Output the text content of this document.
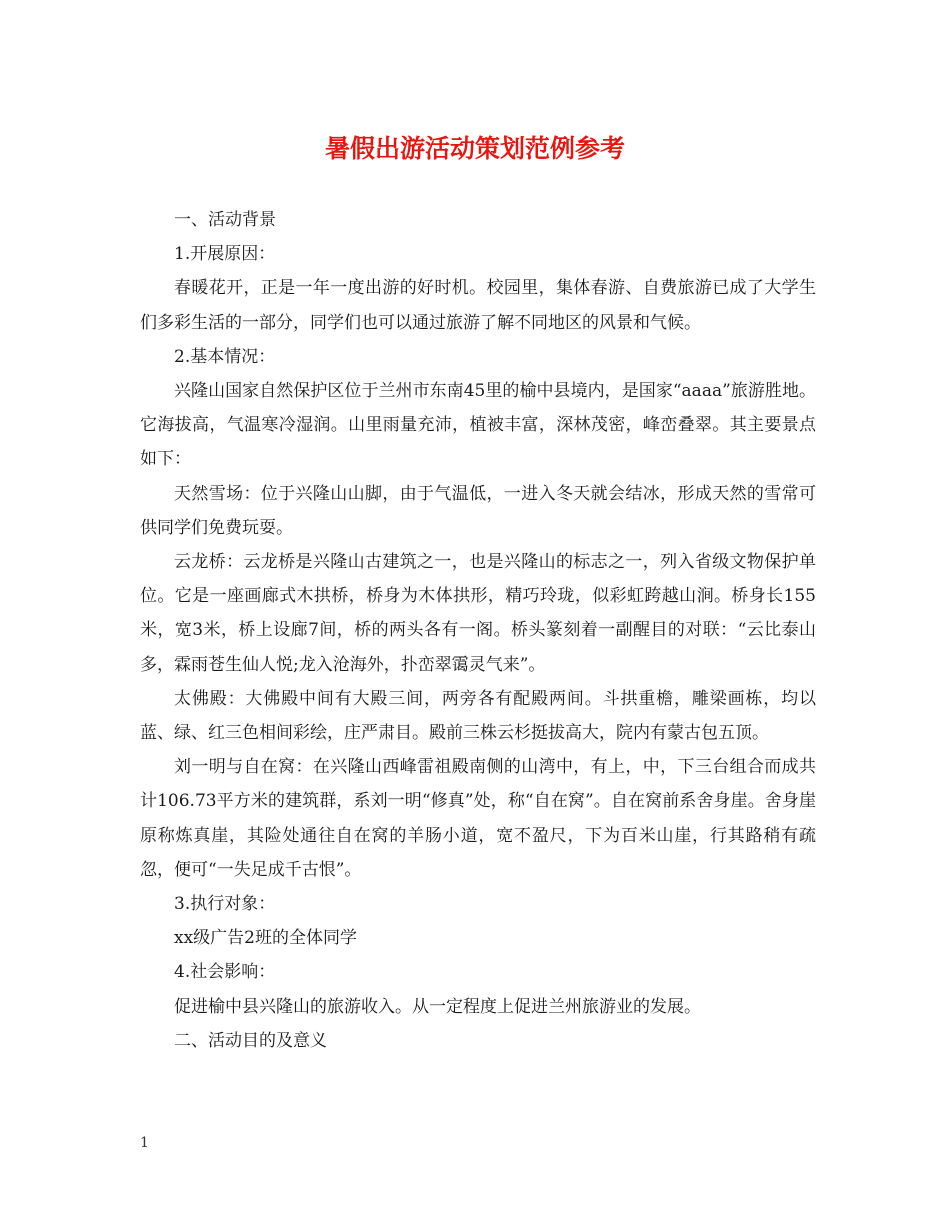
暑假出游活动策划范例参考

一、活动背景

1.开展原因：

春暖花开，正是一年一度出游的好时机。校园里，集体春游、自费旅游已成了大学生们多彩生活的一部分，同学们也可以通过旅游了解不同地区的风景和气候。

2.基本情况：

兴隆山国家自然保护区位于兰州市东南45里的榆中县境内，是国家“aaaa”旅游胜地。它海拔高，气温寒冷湿润。山里雨量充沛，植被丰富，深林茂密，峰峦叠翠。其主要景点如下：

天然雪场：位于兴隆山山脚，由于气温低，一进入冬天就会结冰，形成天然的雪常可供同学们免费玩耍。

云龙桥：云龙桥是兴隆山古建筑之一，也是兴隆山的标志之一，列入省级文物保护单位。它是一座画廊式木拱桥，桥身为木体拱形，精巧玲珑，似彩虹跨越山涧。桥身长155米，宽3米，桥上设廊7间，桥的两头各有一阁。桥头篆刻着一副醒目的对联：“云比泰山多，霖雨苍生仙人悦;龙入沧海外，扑峦翠霭灵气来”。

太佛殿：大佛殿中间有大殿三间，两旁各有配殿两间。斗拱重檐，雕梁画栋，均以蓝、绿、红三色相间彩绘，庄严肃目。殿前三株云杉挺拔高大，院内有蒙古包五顶。

刘一明与自在窝：在兴隆山西峰雷祖殿南侧的山湾中，有上，中，下三台组合而成共计106.73平方米的建筑群，系刘一明“修真”处，称“自在窝”。自在窝前系舍身崖。舍身崖原称炼真崖，其险处通往自在窝的羊肠小道，宽不盈尺，下为百米山崖，行其路稍有疏忽，便可“一失足成千古恨”。

3.执行对象：

xx级广告2班的全体同学

4.社会影响：

促进榆中县兴隆山的旅游收入。从一定程度上促进兰州旅游业的发展。

二、活动目的及意义

1
